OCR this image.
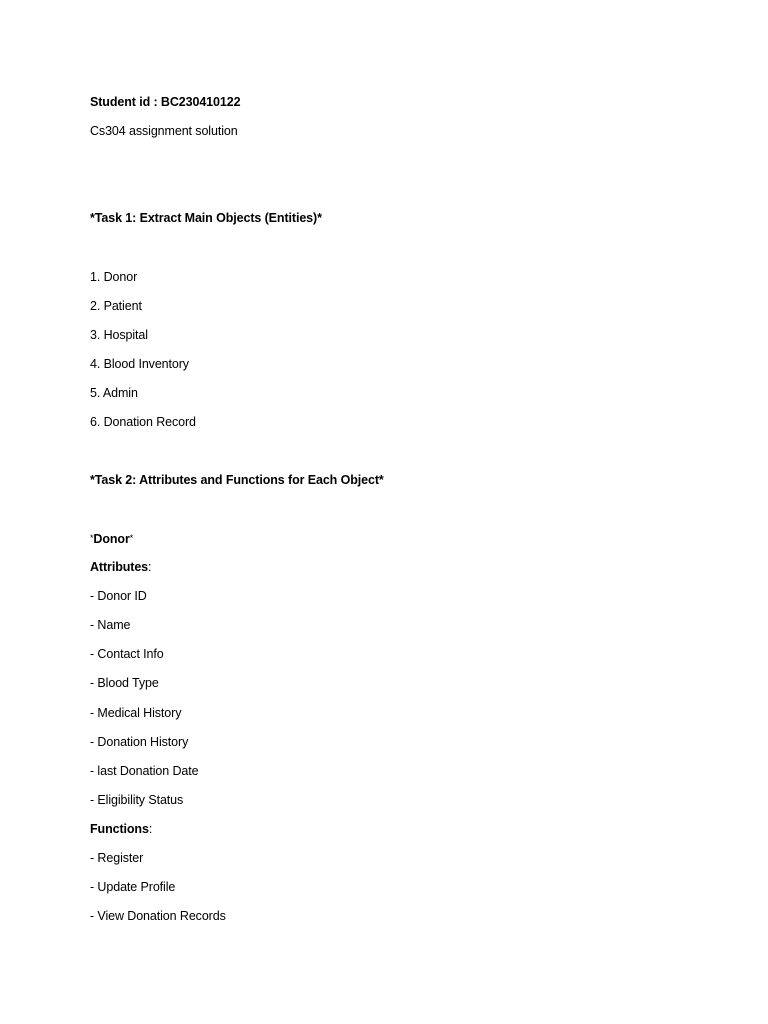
Student id : BC230410122
Cs304 assignment solution
*Task 1: Extract Main Objects (Entities)*
1. Donor
2. Patient
3. Hospital
4. Blood Inventory
5. Admin
6. Donation Record
*Task 2: Attributes and Functions for Each Object*
*Donor*
Attributes:
- Donor ID
- Name
- Contact Info
- Blood Type
- Medical History
- Donation History
- last Donation Date
- Eligibility Status
Functions:
- Register
- Update Profile
- View Donation Records
